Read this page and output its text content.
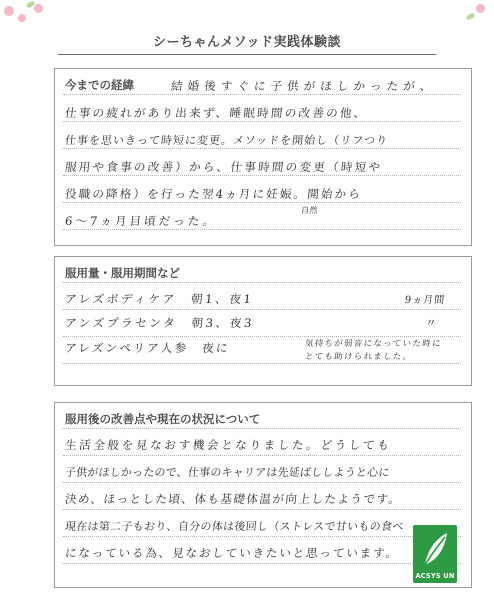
シーちゃんメソッド実践体験談
今までの経緯	結婚後すぐに子供がほしかったが、
仕事の疲れがあり出来ず、睡眠時間の改善の他、
仕事を思いきって時短に変更。メソッドを開始し（リフつり
服用や食事の改善）から、仕事時間の変更（時短や
役職の降格）を行った翌4ヵ月に妊娠。開始から
6～7ヵ月目頃だった。
自然
服用量・服用期間など
アレズボディケア　朝1、夜1
アンズプラセンタ　朝3、夜3
アレズンペリア人参　夜に
9ヵ月間
〃
気持ちが弱音になっていた時に
とても助けられました。
服用後の改善点や現在の状況について
生活全般を見なおす機会となりました。どうしても
子供がほしかったので、仕事のキャリアは先延ばししようと心に
決め、ほっとした頃、体も基礎体温が向上したようです。
現在は第二子もおり、自分の体は後回し（ストレスで甘いもの食べ
になっている為、見なおしていきたいと思っています。
ACSYS UN
